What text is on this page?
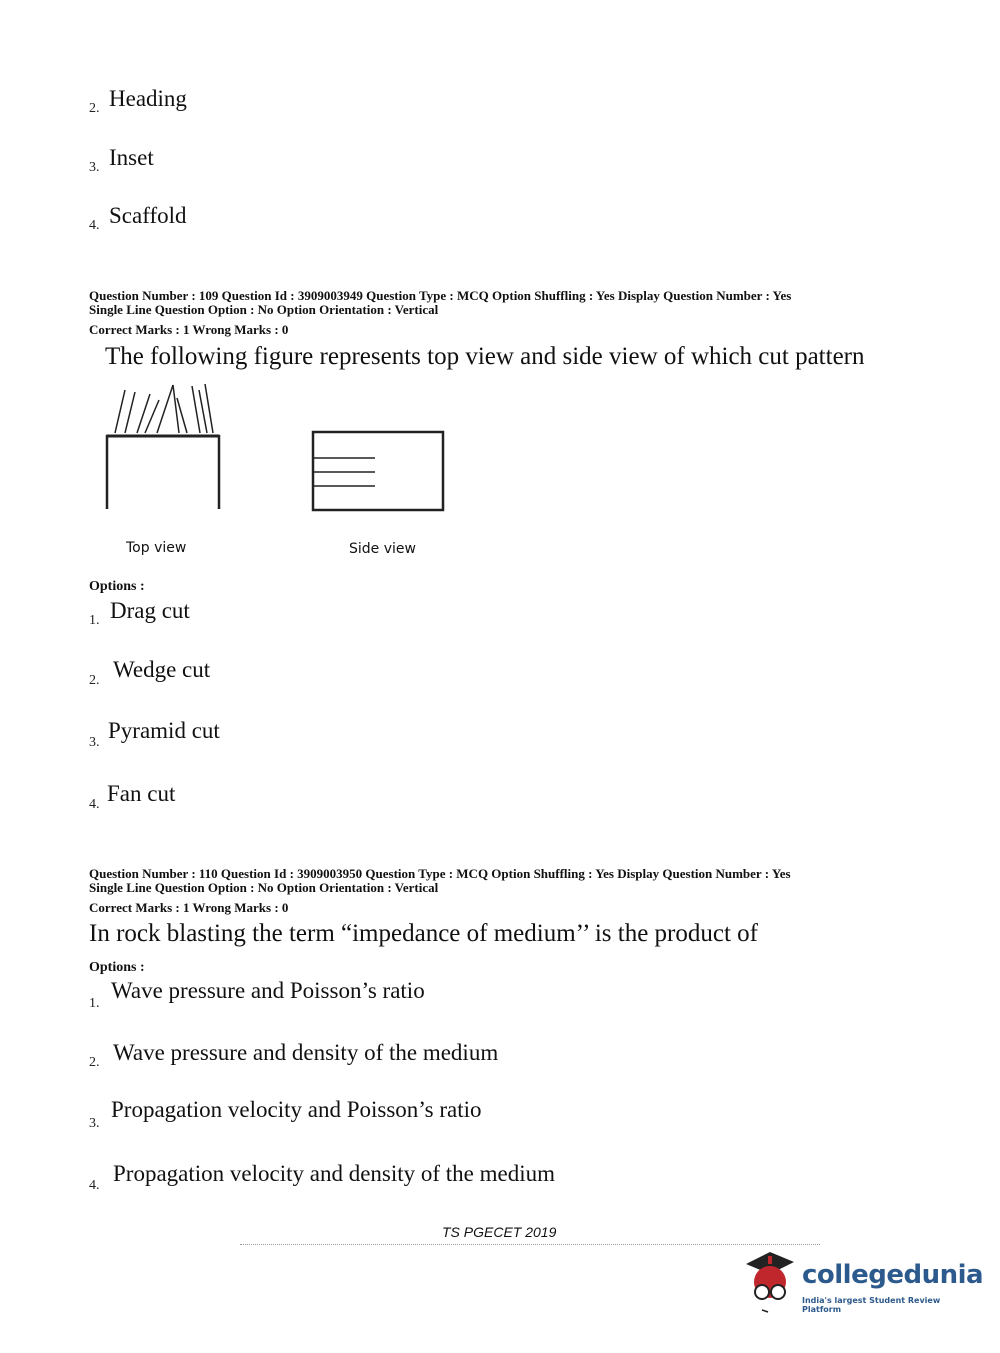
2. Heading
3. Inset
4. Scaffold
Question Number : 109 Question Id : 3909003949 Question Type : MCQ Option Shuffling : Yes Display Question Number : Yes
Single Line Question Option : No Option Orientation : Vertical
Correct Marks : 1 Wrong Marks : 0
The following figure represents top view and side view of which cut pattern
Top view	Side view
Options :
1. Drag cut
2. Wedge cut
3. Pyramid cut
4. Fan cut
Question Number : 110 Question Id : 3909003950 Question Type : MCQ Option Shuffling : Yes Display Question Number : Yes
Single Line Question Option : No Option Orientation : Vertical
Correct Marks : 1 Wrong Marks : 0
In rock blasting the term “impedance of medium’’ is the product of
Options :
1.
Wave pressure and Poisson’s ratio
2. Wave pressure and density of the medium
3.
Propagation velocity and Poisson’s ratio
4. Propagation velocity and density of the medium
TS PGECET 2019
collegedunia
India's largest Student Review Platform
